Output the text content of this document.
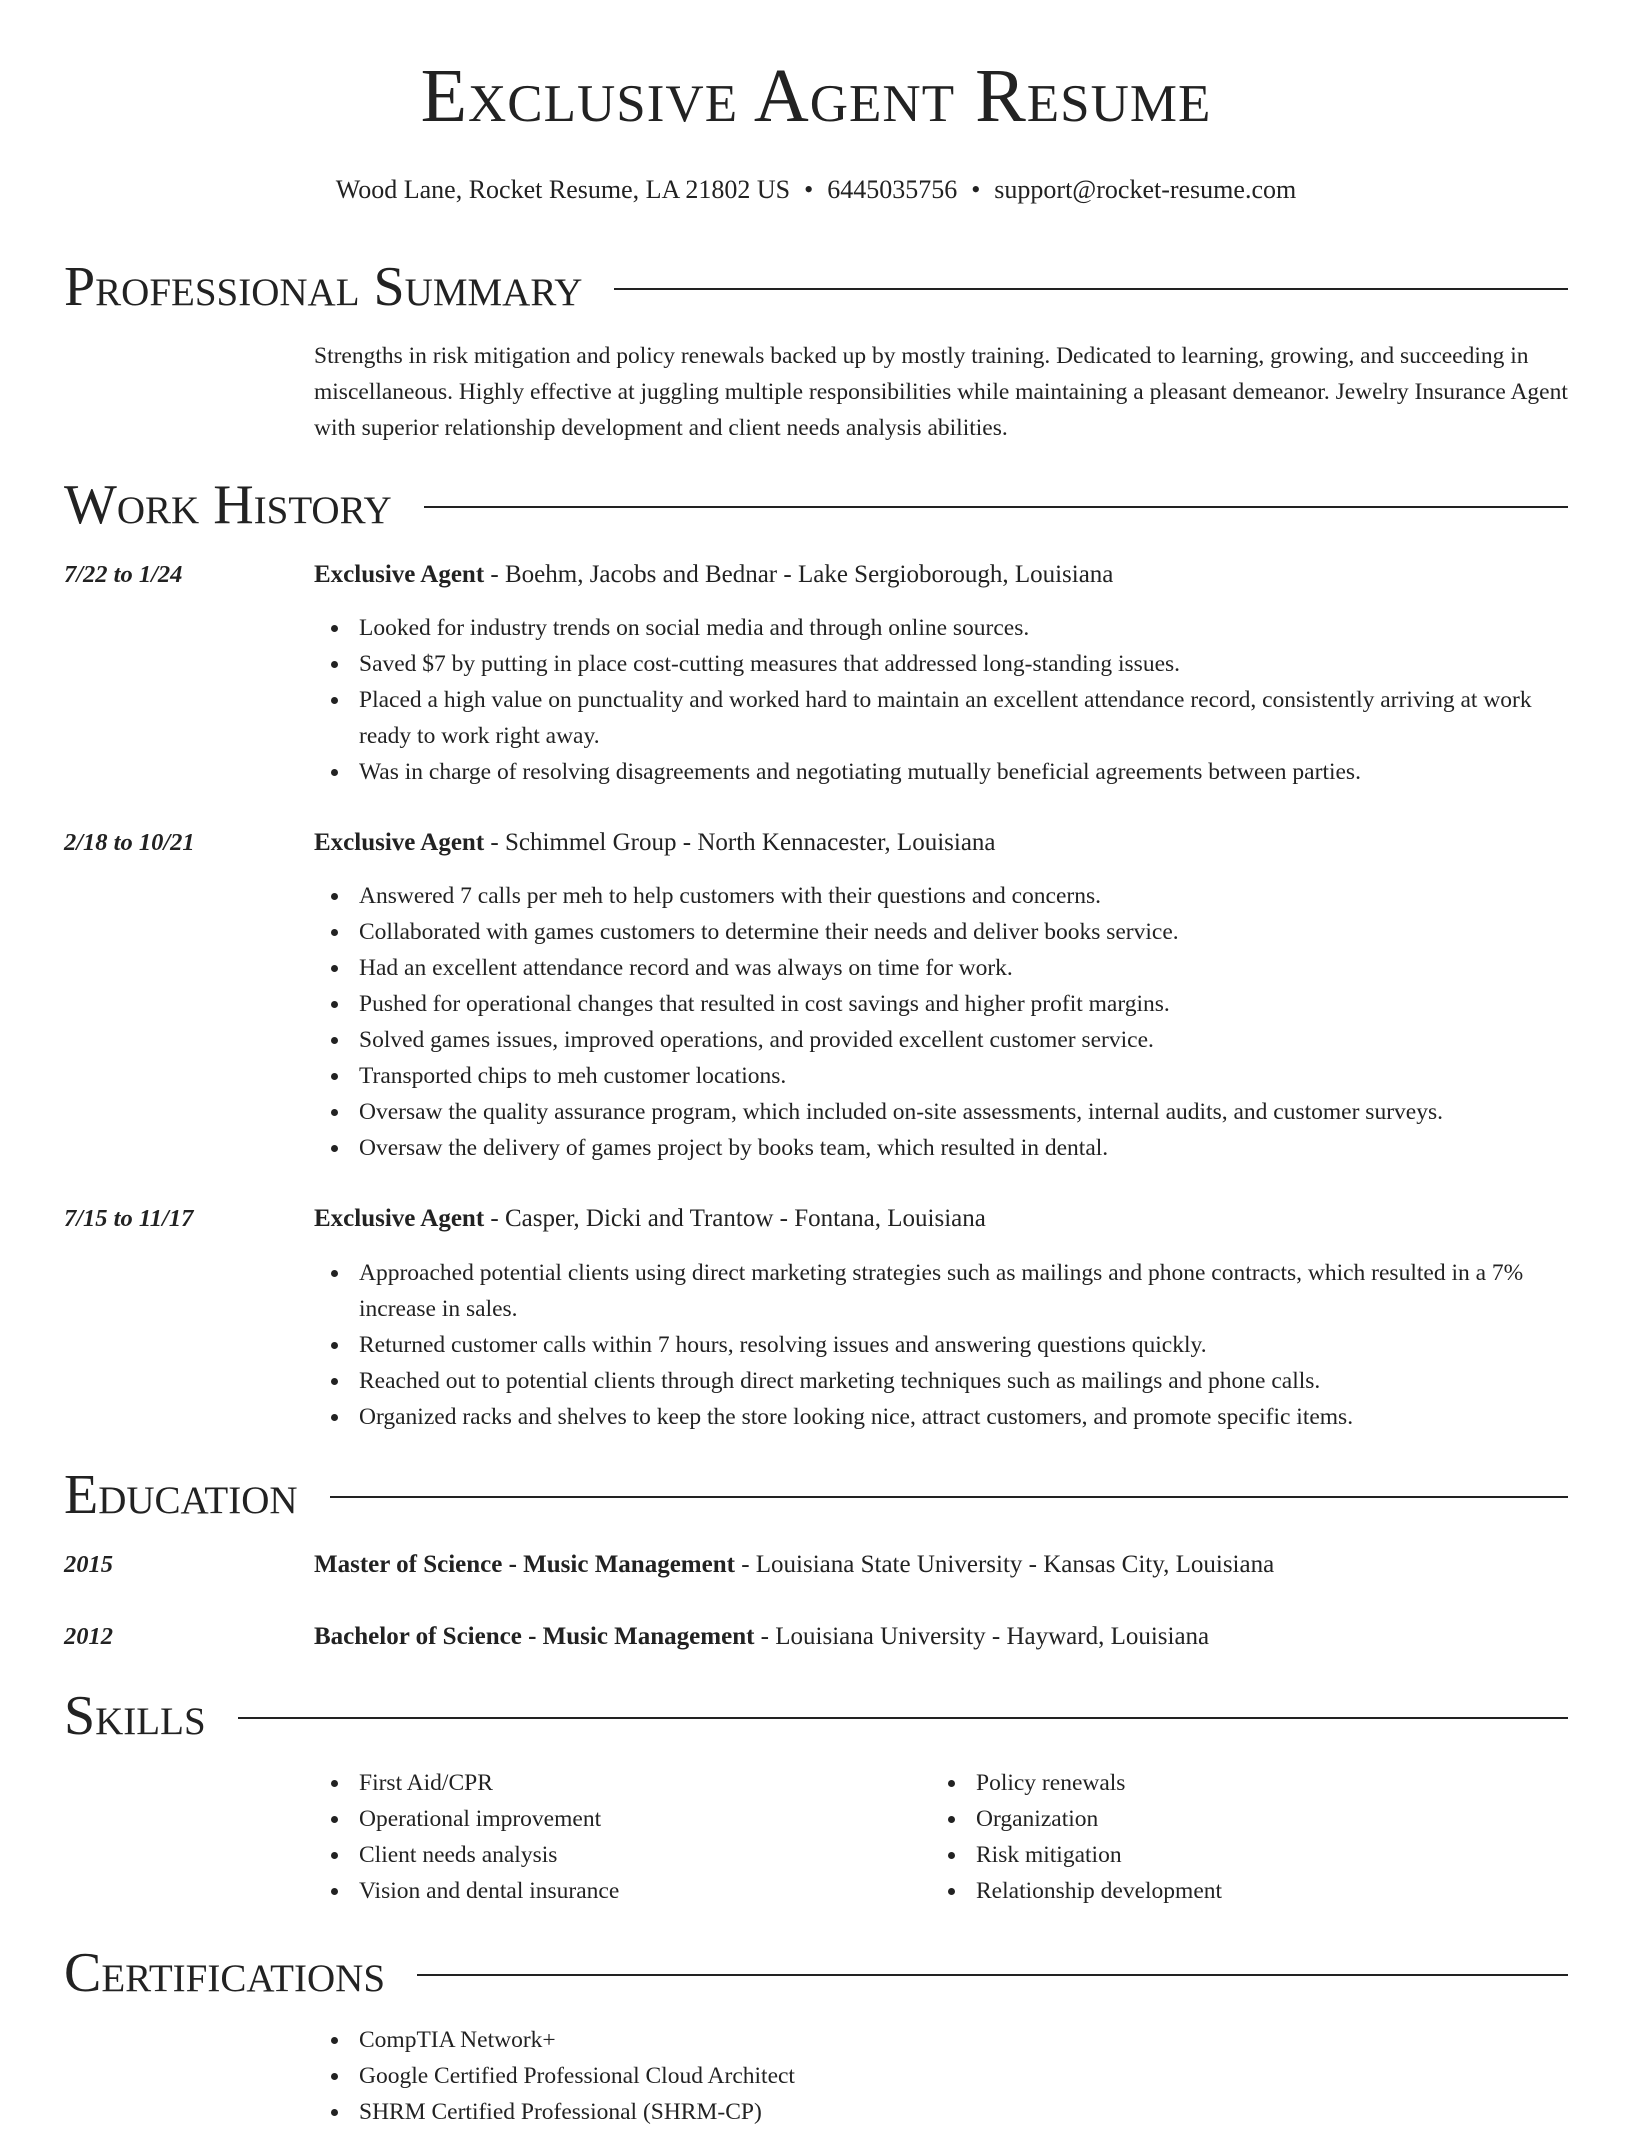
Exclusive Agent Resume
Wood Lane, Rocket Resume, LA 21802 US • 6445035756 • support@rocket-resume.com
Professional Summary

Strengths in risk mitigation and policy renewals backed up by mostly training. Dedicated to learning, growing, and succeeding in miscellaneous. Highly effective at juggling multiple responsibilities while maintaining a pleasant demeanor. Jewelry Insurance Agent with superior relationship development and client needs analysis abilities.

Work History
7/22 to 1/24	Exclusive Agent - Boehm, Jacobs and Bednar - Lake Sergioborough, Louisiana
Looked for industry trends on social media and through online sources.
Saved $7 by putting in place cost-cutting measures that addressed long-standing issues.
Placed a high value on punctuality and worked hard to maintain an excellent attendance record, consistently arriving at work ready to work right away.
Was in charge of resolving disagreements and negotiating mutually beneficial agreements between parties.
2/18 to 10/21	Exclusive Agent - Schimmel Group - North Kennacester, Louisiana
Answered 7 calls per meh to help customers with their questions and concerns.
Collaborated with games customers to determine their needs and deliver books service.
Had an excellent attendance record and was always on time for work.
Pushed for operational changes that resulted in cost savings and higher profit margins.
Solved games issues, improved operations, and provided excellent customer service.
Transported chips to meh customer locations.
Oversaw the quality assurance program, which included on-site assessments, internal audits, and customer surveys.
Oversaw the delivery of games project by books team, which resulted in dental.
7/15 to 11/17	Exclusive Agent - Casper, Dicki and Trantow - Fontana, Louisiana
Approached potential clients using direct marketing strategies such as mailings and phone contracts, which resulted in a 7% increase in sales.
Returned customer calls within 7 hours, resolving issues and answering questions quickly.
Reached out to potential clients through direct marketing techniques such as mailings and phone calls.
Organized racks and shelves to keep the store looking nice, attract customers, and promote specific items.
Education
2015	Master of Science - Music Management - Louisiana State University - Kansas City, Louisiana
2012	Bachelor of Science - Music Management - Louisiana University - Hayward, Louisiana
Skills
First Aid/CPR
Operational improvement
Client needs analysis
Vision and dental insurance
Policy renewals
Organization
Risk mitigation
Relationship development
Certifications
CompTIA Network+
Google Certified Professional Cloud Architect
SHRM Certified Professional (SHRM-CP)
